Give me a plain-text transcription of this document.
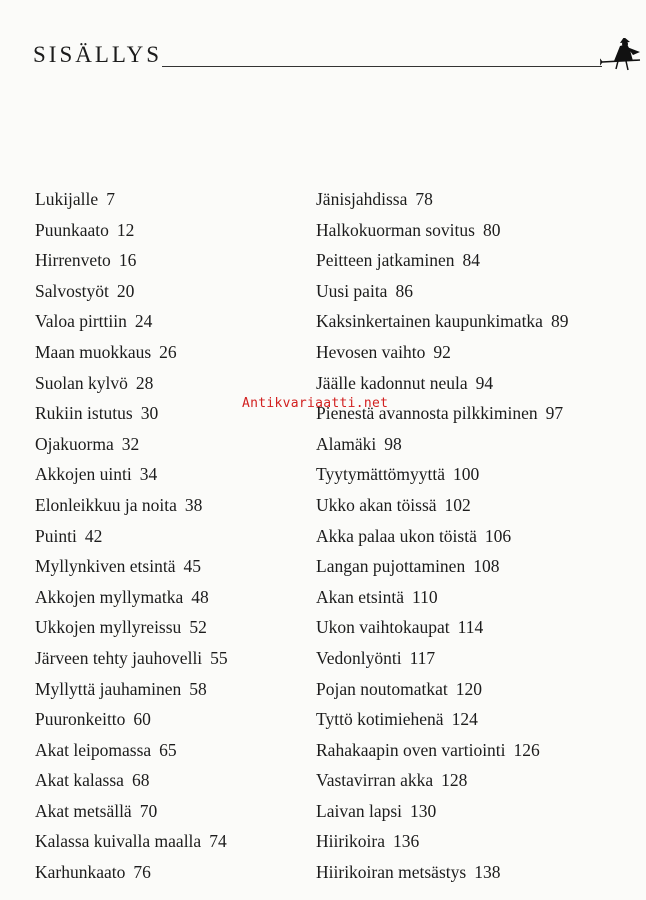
SISÄLLYS
Lukijalle 7
Puunkaato 12
Hirrenveto 16
Salvostyöt 20
Valoa pirttiin 24
Maan muokkaus 26
Suolan kylvö 28
Rukiin istutus 30
Ojakuorma 32
Akkojen uinti 34
Elonleikkuu ja noita 38
Puinti 42
Myllynkiven etsintä 45
Akkojen myllymatka 48
Ukkojen myllyreissu 52
Järveen tehty jauhovelli 55
Myllyttä jauhaminen 58
Puuronkeitto 60
Akat leipomassa 65
Akat kalassa 68
Akat metsällä 70
Kalassa kuivalla maalla 74
Karhunkaato 76
Jänisjahdissa 78
Halkokuorman sovitus 80
Peitteen jatkaminen 84
Uusi paita 86
Kaksinkertainen kaupunkimatka 89
Hevosen vaihto 92
Jäälle kadonnut neula 94
Pienestä avannosta pilkkiminen 97
Alamäki 98
Tyytymättömyyttä 100
Ukko akan töissä 102
Akka palaa ukon töistä 106
Langan pujottaminen 108
Akan etsintä 110
Ukon vaihtokaupat 114
Vedonlyönti 117
Pojan noutomatkat 120
Tyttö kotimiehenä 124
Rahakaapin oven vartiointi 126
Vastavirran akka 128
Laivan lapsi 130
Hiirikoira 136
Hiirikoiran metsästys 138
Antikvariaatti.net
